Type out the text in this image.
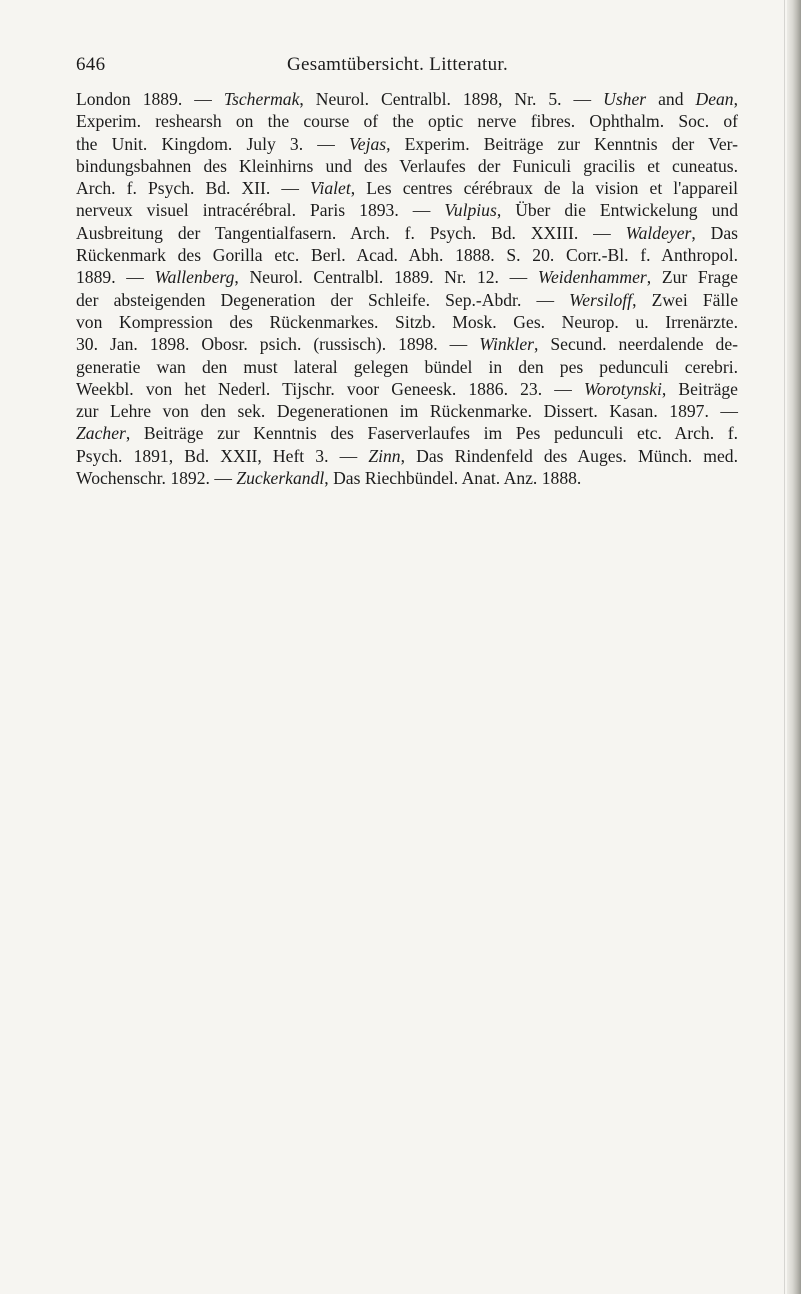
646	Gesamtübersicht. Litteratur.
London 1889. — Tschermak, Neurol. Centralbl. 1898, Nr. 5. — Usher and Dean,
Experim. reshearsh on the course of the optic nerve fibres. Ophthalm. Soc. of
the Unit. Kingdom. July 3. — Vejas, Experim. Beiträge zur Kenntnis der Ver-
bindungsbahnen des Kleinhirns und des Verlaufes der Funiculi gracilis et cuneatus.
Arch. f. Psych. Bd. XII. — Vialet, Les centres cérébraux de la vision et l'appareil
nerveux visuel intracérébral. Paris 1893. — Vulpius, Über die Entwickelung und
Ausbreitung der Tangentialfasern. Arch. f. Psych. Bd. XXIII. — Waldeyer, Das
Rückenmark des Gorilla etc. Berl. Acad. Abh. 1888. S. 20. Corr.-Bl. f. Anthropol.
1889. — Wallenberg, Neurol. Centralbl. 1889. Nr. 12. — Weidenhammer, Zur Frage
der absteigenden Degeneration der Schleife. Sep.-Abdr. — Wersiloff, Zwei Fälle
von Kompression des Rückenmarkes. Sitzb. Mosk. Ges. Neurop. u. Irrenärzte.
30. Jan. 1898. Obosr. psich. (russisch). 1898. — Winkler, Secund. neerdalende de-
generatie wan den must lateral gelegen bündel in den pes pedunculi cerebri.
Weekbl. von het Nederl. Tijschr. voor Geneesk. 1886. 23. — Worotynski, Beiträge
zur Lehre von den sek. Degenerationen im Rückenmarke. Dissert. Kasan. 1897. —
Zacher, Beiträge zur Kenntnis des Faserverlaufes im Pes pedunculi etc. Arch. f.
Psych. 1891, Bd. XXII, Heft 3. — Zinn, Das Rindenfeld des Auges. Münch. med.
Wochenschr. 1892. — Zuckerkandl, Das Riechbündel. Anat. Anz. 1888.
